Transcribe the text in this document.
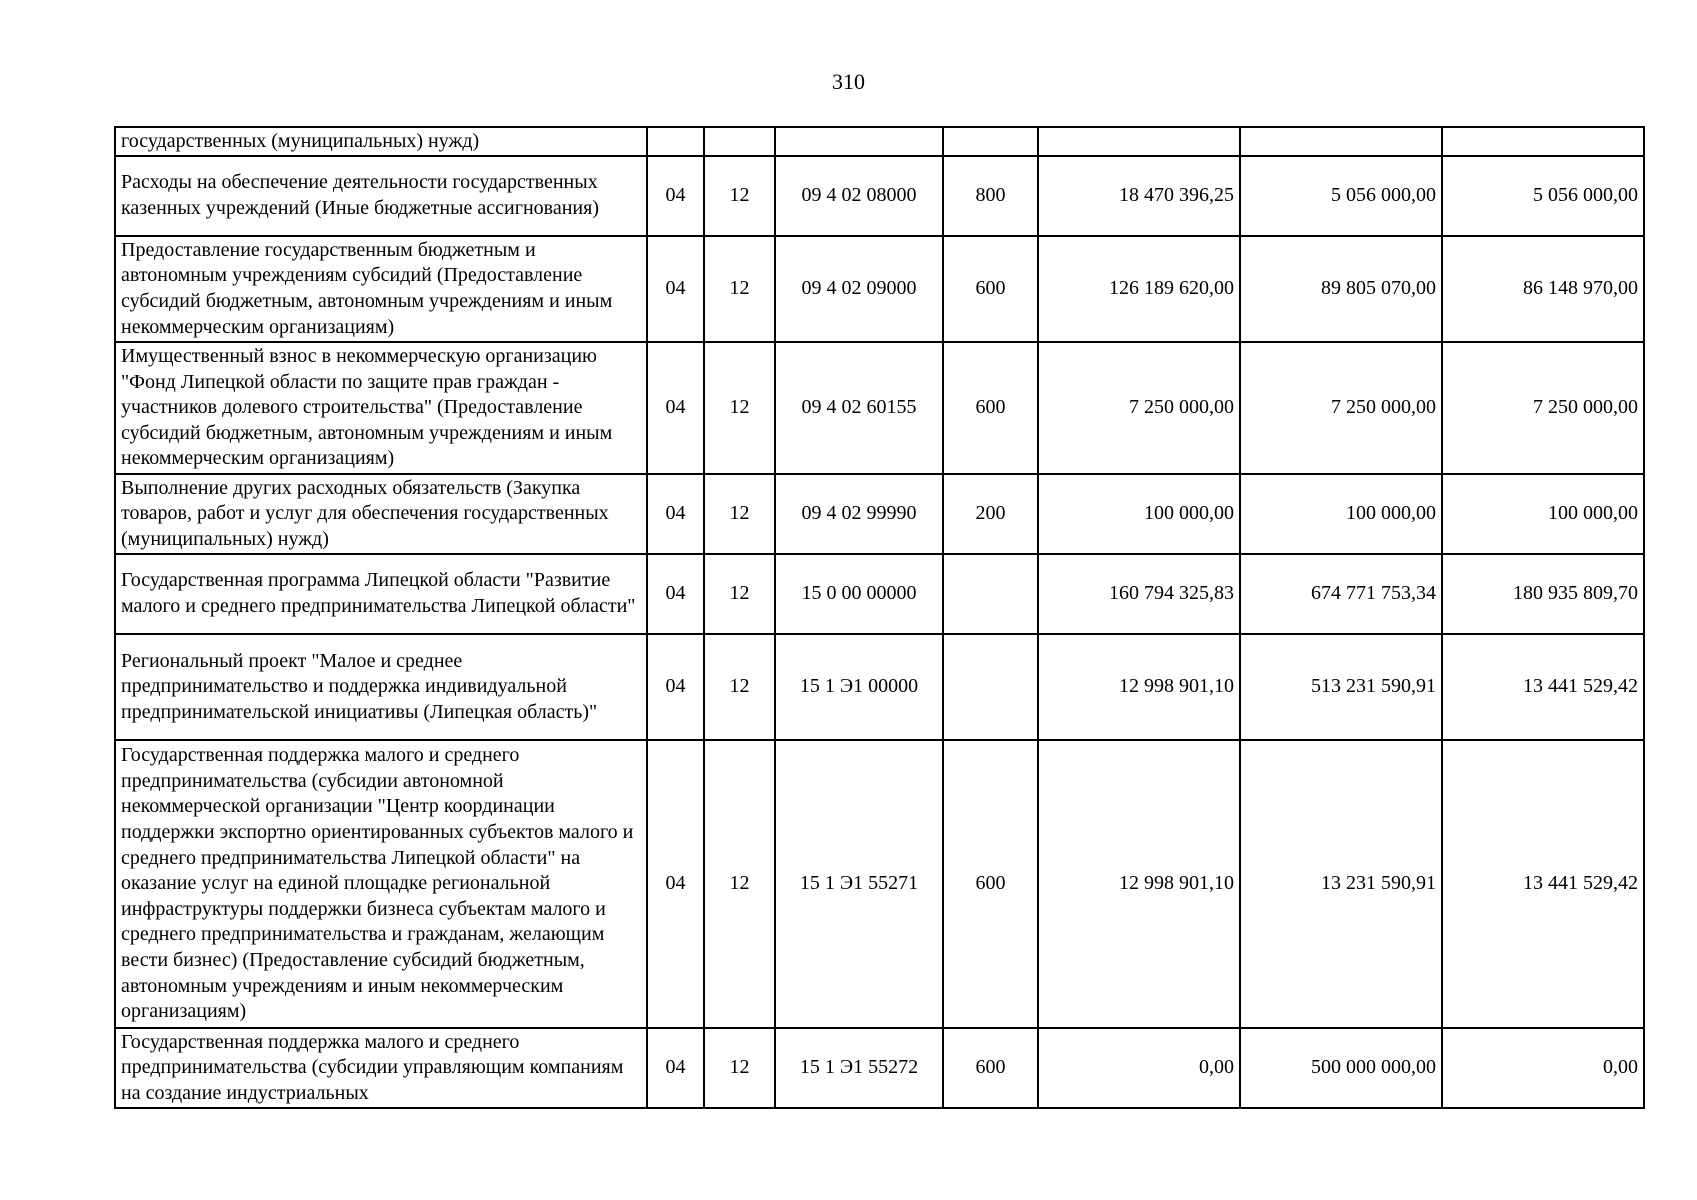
310
государственных (муниципальных) нужд)							
Расходы на обеспечение деятельности государственных казенных учреждений (Иные бюджетные ассигнования)	04	12	09 4 02 08000	800	18 470 396,25	5 056 000,00	5 056 000,00
Предоставление государственным бюджетным и автономным учреждениям субсидий (Предоставление субсидий бюджетным, автономным учреждениям и иным некоммерческим организациям)	04	12	09 4 02 09000	600	126 189 620,00	89 805 070,00	86 148 970,00
Имущественный взнос в некоммерческую организацию "Фонд Липецкой области по защите прав граждан - участников долевого строительства" (Предоставление субсидий бюджетным, автономным учреждениям и иным некоммерческим организациям)	04	12	09 4 02 60155	600	7 250 000,00	7 250 000,00	7 250 000,00
Выполнение других расходных обязательств (Закупка товаров, работ и услуг для обеспечения государственных (муниципальных) нужд)	04	12	09 4 02 99990	200	100 000,00	100 000,00	100 000,00
Государственная программа Липецкой области "Развитие малого и среднего предпринимательства Липецкой области"	04	12	15 0 00 00000		160 794 325,83	674 771 753,34	180 935 809,70
Региональный проект "Малое и среднее предпринимательство и поддержка индивидуальной предпринимательской инициативы (Липецкая область)"	04	12	15 1 Э1 00000		12 998 901,10	513 231 590,91	13 441 529,42
Государственная поддержка малого и среднего предпринимательства (субсидии автономной некоммерческой организации "Центр координации поддержки экспортно ориентированных субъектов малого и среднего предпринимательства Липецкой области" на оказание услуг на единой площадке региональной инфраструктуры поддержки бизнеса субъектам малого и среднего предпринимательства и гражданам, желающим вести бизнес) (Предоставление субсидий бюджетным, автономным учреждениям и иным некоммерческим организациям)	04	12	15 1 Э1 55271	600	12 998 901,10	13 231 590,91	13 441 529,42
Государственная поддержка малого и среднего предпринимательства (субсидии управляющим компаниям на создание индустриальных	04	12	15 1 Э1 55272	600	0,00	500 000 000,00	0,00
